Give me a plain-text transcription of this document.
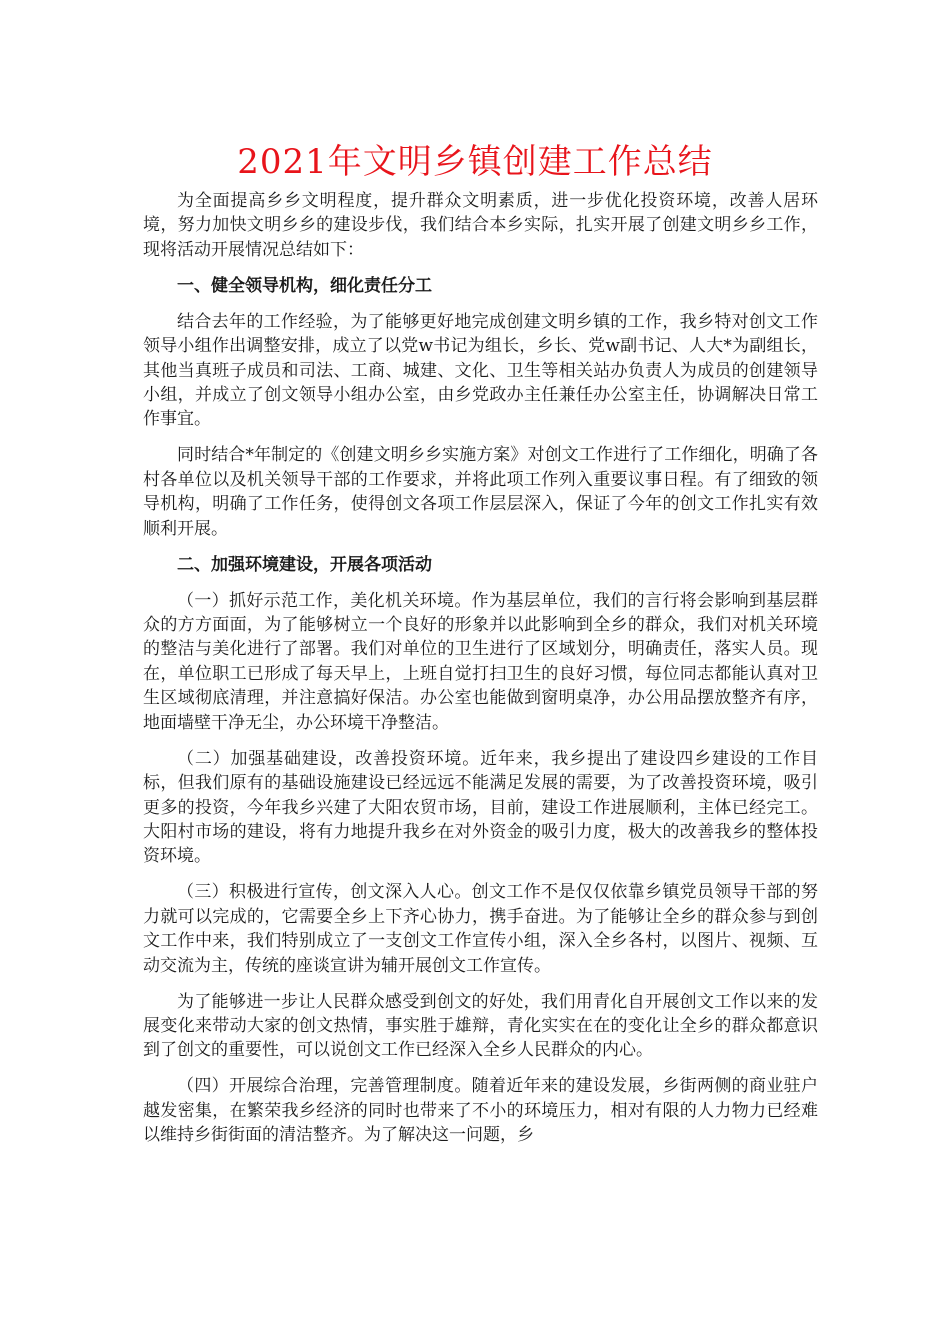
2021年文明乡镇创建工作总结

为全面提高乡乡文明程度，提升群众文明素质，进一步优化投资环境，改善人居环境，努力加快文明乡乡的建设步伐，我们结合本乡实际，扎实开展了创建文明乡乡工作，现将活动开展情况总结如下：

一、健全领导机构，细化责任分工

结合去年的工作经验，为了能够更好地完成创建文明乡镇的工作，我乡特对创文工作领导小组作出调整安排，成立了以党w书记为组长，乡长、党w副书记、人大*为副组长，其他当真班子成员和司法、工商、城建、文化、卫生等相关站办负责人为成员的创建领导小组，并成立了创文领导小组办公室，由乡党政办主任兼任办公室主任，协调解决日常工作事宜。

同时结合*年制定的《创建文明乡乡实施方案》对创文工作进行了工作细化，明确了各村各单位以及机关领导干部的工作要求，并将此项工作列入重要议事日程。有了细致的领导机构，明确了工作任务，使得创文各项工作层层深入，保证了今年的创文工作扎实有效顺利开展。

二、加强环境建设，开展各项活动

（一）抓好示范工作，美化机关环境。作为基层单位，我们的言行将会影响到基层群众的方方面面，为了能够树立一个良好的形象并以此影响到全乡的群众，我们对机关环境的整洁与美化进行了部署。我们对单位的卫生进行了区域划分，明确责任，落实人员。现在，单位职工已形成了每天早上，上班自觉打扫卫生的良好习惯，每位同志都能认真对卫生区域彻底清理，并注意搞好保洁。办公室也能做到窗明桌净，办公用品摆放整齐有序，地面墙壁干净无尘，办公环境干净整洁。

（二）加强基础建设，改善投资环境。近年来，我乡提出了建设四乡建设的工作目标，但我们原有的基础设施建设已经远远不能满足发展的需要，为了改善投资环境，吸引更多的投资，今年我乡兴建了大阳农贸市场，目前，建设工作进展顺利，主体已经完工。大阳村市场的建设，将有力地提升我乡在对外资金的吸引力度，极大的改善我乡的整体投资环境。

（三）积极进行宣传，创文深入人心。创文工作不是仅仅依靠乡镇党员领导干部的努力就可以完成的，它需要全乡上下齐心协力，携手奋进。为了能够让全乡的群众参与到创文工作中来，我们特别成立了一支创文工作宣传小组，深入全乡各村，以图片、视频、互动交流为主，传统的座谈宣讲为辅开展创文工作宣传。

为了能够进一步让人民群众感受到创文的好处，我们用青化自开展创文工作以来的发展变化来带动大家的创文热情，事实胜于雄辩，青化实实在在的变化让全乡的群众都意识到了创文的重要性，可以说创文工作已经深入全乡人民群众的内心。

（四）开展综合治理，完善管理制度。随着近年来的建设发展，乡街两侧的商业驻户越发密集，在繁荣我乡经济的同时也带来了不小的环境压力，相对有限的人力物力已经难以维持乡街街面的清洁整齐。为了解决这一问题，乡
